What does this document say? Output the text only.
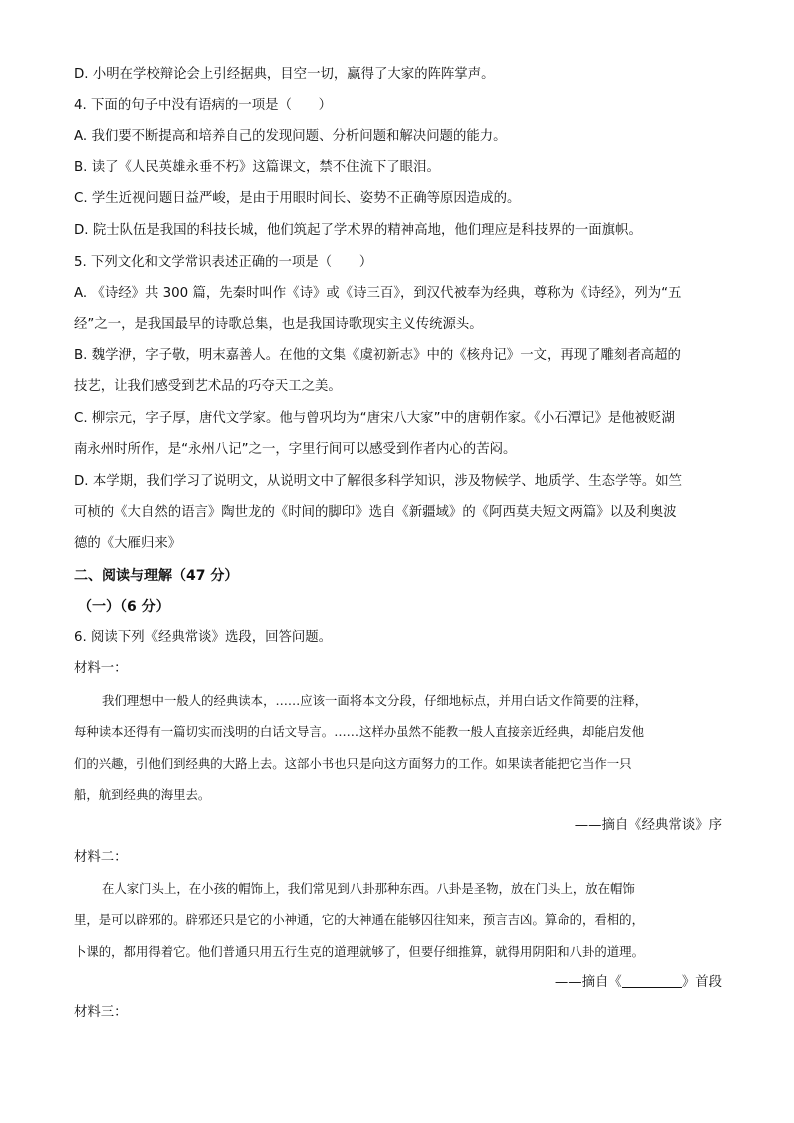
D. 小明在学校辩论会上引经据典，目空一切，赢得了大家的阵阵掌声。
4. 下面的句子中没有语病的一项是（　　）
A. 我们要不断提高和培养自己的发现问题、分析问题和解决问题的能力。
B. 读了《人民英雄永垂不朽》这篇课文，禁不住流下了眼泪。
C. 学生近视问题日益严峻，是由于用眼时间长、姿势不正确等原因造成的。
D. 院士队伍是我国的科技长城，他们筑起了学术界的精神高地，他们理应是科技界的一面旗帜。
5. 下列文化和文学常识表述正确的一项是（　　）
A. 《诗经》共 300 篇，先秦时叫作《诗》或《诗三百》，到汉代被奉为经典，尊称为《诗经》，列为“五
经”之一，是我国最早的诗歌总集，也是我国诗歌现实主义传统源头。
B. 魏学洢，字子敬，明末嘉善人。在他的文集《虞初新志》中的《核舟记》一文，再现了雕刻者高超的
技艺，让我们感受到艺术品的巧夺天工之美。
C. 柳宗元，字子厚，唐代文学家。他与曾巩均为“唐宋八大家”中的唐朝作家。《小石潭记》是他被贬湖
南永州时所作，是“永州八记”之一，字里行间可以感受到作者内心的苦闷。
D. 本学期，我们学习了说明文，从说明文中了解很多科学知识，涉及物候学、地质学、生态学等。如竺
可桢的《大自然的语言》陶世龙的《时间的脚印》选自《新疆域》的《阿西莫夫短文两篇》以及利奥波
德的《大雁归来》
二、阅读与理解（47 分）
（一）（6 分）
6. 阅读下列《经典常谈》选段，回答问题。
材料一：
我们理想中一般人的经典读本，……应该一面将本文分段，仔细地标点，并用白话文作简要的注释，
每种读本还得有一篇切实而浅明的白话文导言。……这样办虽然不能教一般人直接亲近经典，却能启发他
们的兴趣，引他们到经典的大路上去。这部小书也只是向这方面努力的工作。如果读者能把它当作一只
船，航到经典的海里去。
——摘自《经典常谈》序
材料二：
在人家门头上，在小孩的帽饰上，我们常见到八卦那种东西。八卦是圣物，放在门头上，放在帽饰
里，是可以辟邪的。辟邪还只是它的小神通，它的大神通在能够囚往知来，预言吉凶。算命的，看相的，
卜课的，都用得着它。他们普通只用五行生克的道理就够了，但要仔细推算，就得用阴阳和八卦的道理。
——摘自《	》首段
材料三：
